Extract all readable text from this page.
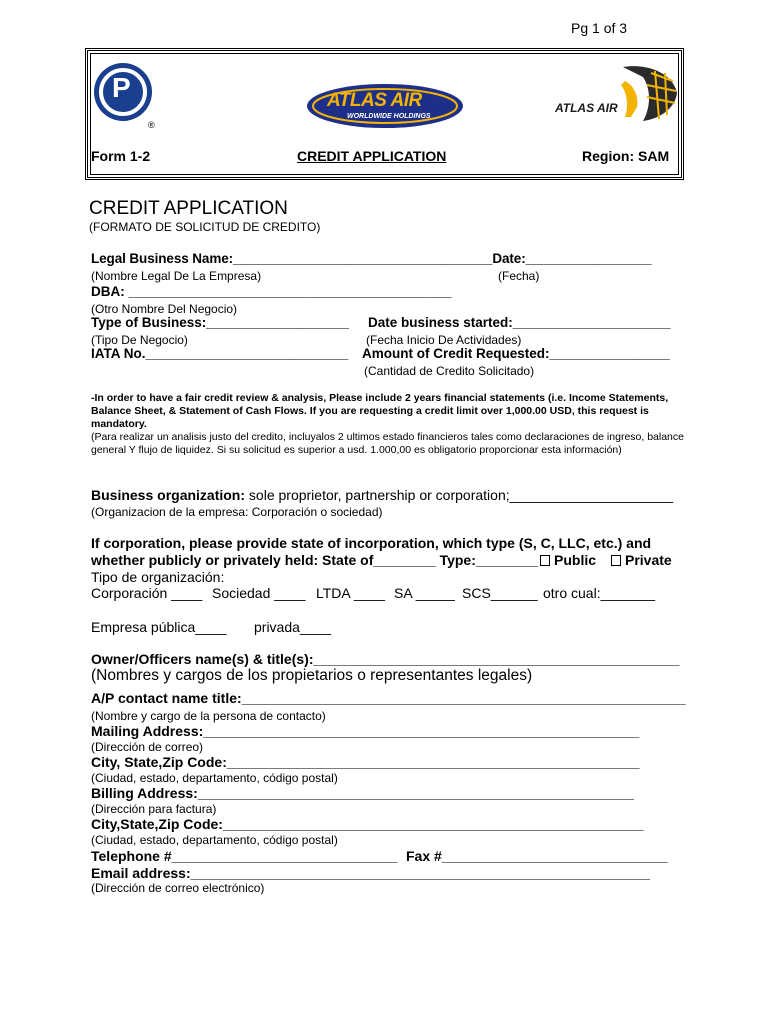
Pg 1 of 3
P
®
ATLAS AIR
WORLDWIDE HOLDINGS
ATLAS AIR
Form 1-2	CREDIT APPLICATION	Region: SAM
CREDIT APPLICATION
(FORMATO DE SOLICITUD DE CREDITO)
Legal Business Name:___________________________________Date:_________________
(Nombre Legal De La Empresa)	(Fecha)
DBA: ___________________________________________
(Otro Nombre Del Negocio)
Type of Business:___________________ Date business started:_____________________
(Tipo De Negocio)	(Fecha Inicio De Actividades)
IATA No.___________________________ Amount of Credit Requested:________________
(Cantidad de Credito Solicitado)
-In order to have a fair credit review & analysis, Please include 2 years financial statements (i.e. Income Statements, Balance Sheet, & Statement of Cash Flows. If you are requesting a credit limit over 1,000.00 USD, this request is mandatory.
(Para realizar un analisis justo del credito, incluyalos 2 ultimos estado financieros tales como declaraciones de ingreso, balance general Y flujo de liquidez. Si su solicitud es superior a usd. 1.000,00 es obligatorio proporcionar esta información)
Business organization: sole proprietor, partnership or corporation;_____________________
(Organizacion de la empresa: Corporación o sociedad)
If corporation, please provide state of incorporation, which type (S, C, LLC, etc.) and
whether publicly or privately held: State of________ Type:________	Public	Private
Tipo de organización:
Corporación ____ Sociedad ____ LTDA ____ SA _____ SCS______ otro cual:_______
Empresa pública____ privada____
Owner/Officers name(s) & title(s):_______________________________________________
(Nombres y cargos de los propietarios o representantes legales)
A/P contact name title:_________________________________________________________
(Nombre y cargo de la persona de contacto)
Mailing Address:________________________________________________________
(Dirección de correo)
City, State,Zip Code:_____________________________________________________
(Ciudad, estado, departamento, código postal)
Billing Address:________________________________________________________
(Dirección para factura)
City,State,Zip Code:______________________________________________________
(Ciudad, estado, departamento, código postal)
Telephone #_____________________________ Fax #_____________________________
Email address:___________________________________________________________
(Dirección de correo electrónico)
